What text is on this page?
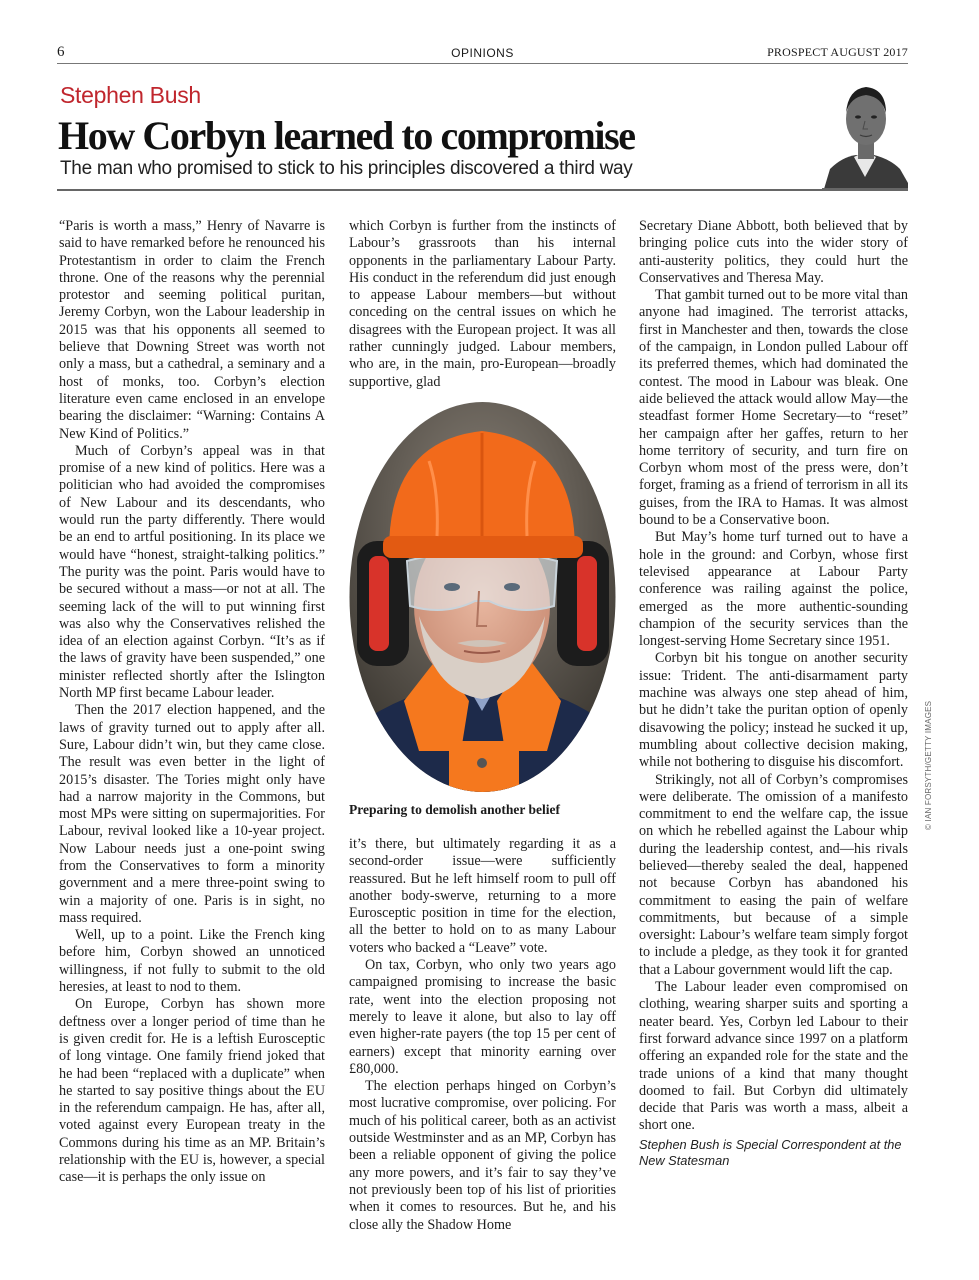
6	OPINIONS	PROSPECT AUGUST 2017
Stephen Bush
How Corbyn learned to compromise
The man who promised to stick to his principles discovered a third way

“Paris is worth a mass,” Henry of Navarre is said to have remarked before he renounced his Protestantism in order to claim the French throne. One of the reasons why the perennial protestor and seeming political puritan, Jeremy Corbyn, won the Labour leadership in 2015 was that his opponents all seemed to believe that Downing Street was worth not only a mass, but a cathedral, a seminary and a host of monks, too. Corbyn’s election literature even came enclosed in an envelope bearing the disclaimer: “Warning: Contains A New Kind of Politics.”

Much of Corbyn’s appeal was in that promise of a new kind of politics. Here was a politician who had avoided the compromises of New Labour and its descendants, who would run the party differently. There would be an end to artful positioning. In its place we would have “honest, straight-talking politics.” The purity was the point. Paris would have to be secured without a mass—or not at all. The seeming lack of the will to put winning first was also why the Conservatives relished the idea of an election against Corbyn. “It’s as if the laws of gravity have been suspended,” one minister reflected shortly after the Islington North MP first became Labour leader.

Then the 2017 election happened, and the laws of gravity turned out to apply after all. Sure, Labour didn’t win, but they came close. The result was even better in the light of 2015’s disaster. The Tories might only have had a narrow majority in the Commons, but most MPs were sitting on supermajorities. For Labour, revival looked like a 10-year project. Now Labour needs just a one-point swing from the Conservatives to form a minority government and a mere three-point swing to win a majority of one. Paris is in sight, no mass required.

Well, up to a point. Like the French king before him, Corbyn showed an unnoticed willingness, if not fully to submit to the old heresies, at least to nod to them.

On Europe, Corbyn has shown more deftness over a longer period of time than he is given credit for. He is a leftish Eurosceptic of long vintage. One family friend joked that he had been “replaced with a duplicate” when he started to say positive things about the EU in the referendum campaign. He has, after all, voted against every European treaty in the Commons during his time as an MP. Britain’s relationship with the EU is, however, a special case—it is perhaps the only issue on

which Corbyn is further from the instincts of Labour’s grassroots than his internal opponents in the parliamentary Labour Party. His conduct in the referendum did just enough to appease Labour members—but without conceding on the central issues on which he disagrees with the European project. It was all rather cunningly judged. Labour members, who are, in the main, pro-European—broadly supportive, glad

Preparing to demolish another belief	© IAN FORSYTH/GETTY IMAGES

it’s there, but ultimately regarding it as a second-order issue—were sufficiently reassured. But he left himself room to pull off another body-swerve, returning to a more Eurosceptic position in time for the election, all the better to hold on to as many Labour voters who backed a “Leave” vote.

On tax, Corbyn, who only two years ago campaigned promising to increase the basic rate, went into the election proposing not merely to leave it alone, but also to lay off even higher-rate payers (the top 15 per cent of earners) except that minority earning over £80,000.

The election perhaps hinged on Corbyn’s most lucrative compromise, over policing. For much of his political career, both as an activist outside Westminster and as an MP, Corbyn has been a reliable opponent of giving the police any more powers, and it’s fair to say they’ve not previously been top of his list of priorities when it comes to resources. But he, and his close ally the Shadow Home

Secretary Diane Abbott, both believed that by bringing police cuts into the wider story of anti-austerity politics, they could hurt the Conservatives and Theresa May.

That gambit turned out to be more vital than anyone had imagined. The terrorist attacks, first in Manchester and then, towards the close of the campaign, in London pulled Labour off its preferred themes, which had dominated the contest. The mood in Labour was bleak. One aide believed the attack would allow May—the steadfast former Home Secretary—to “reset” her campaign after her gaffes, return to her home territory of security, and turn fire on Corbyn whom most of the press were, don’t forget, framing as a friend of terrorism in all its guises, from the IRA to Hamas. It was almost bound to be a Conservative boon.

But May’s home turf turned out to have a hole in the ground: and Corbyn, whose first televised appearance at Labour Party conference was railing against the police, emerged as the more authentic-sounding champion of the security services than the longest-serving Home Secretary since 1951.

Corbyn bit his tongue on another security issue: Trident. The anti-disarmament party machine was always one step ahead of him, but he didn’t take the puritan option of openly disavowing the policy; instead he sucked it up, mumbling about collective decision making, while not bothering to disguise his discomfort.

Strikingly, not all of Corbyn’s compromises were deliberate. The omission of a manifesto commitment to end the welfare cap, the issue on which he rebelled against the Labour whip during the leadership contest, and—his rivals believed—thereby sealed the deal, happened not because Corbyn has abandoned his commitment to easing the pain of welfare commitments, but because of a simple oversight: Labour’s welfare team simply forgot to include a pledge, as they took it for granted that a Labour government would lift the cap.

The Labour leader even compromised on clothing, wearing sharper suits and sporting a neater beard. Yes, Corbyn led Labour to their first forward advance since 1997 on a platform offering an expanded role for the state and the trade unions of a kind that many thought doomed to fail. But Corbyn did ultimately decide that Paris was worth a mass, albeit a short one.

Stephen Bush is Special Correspondent at the New Statesman
